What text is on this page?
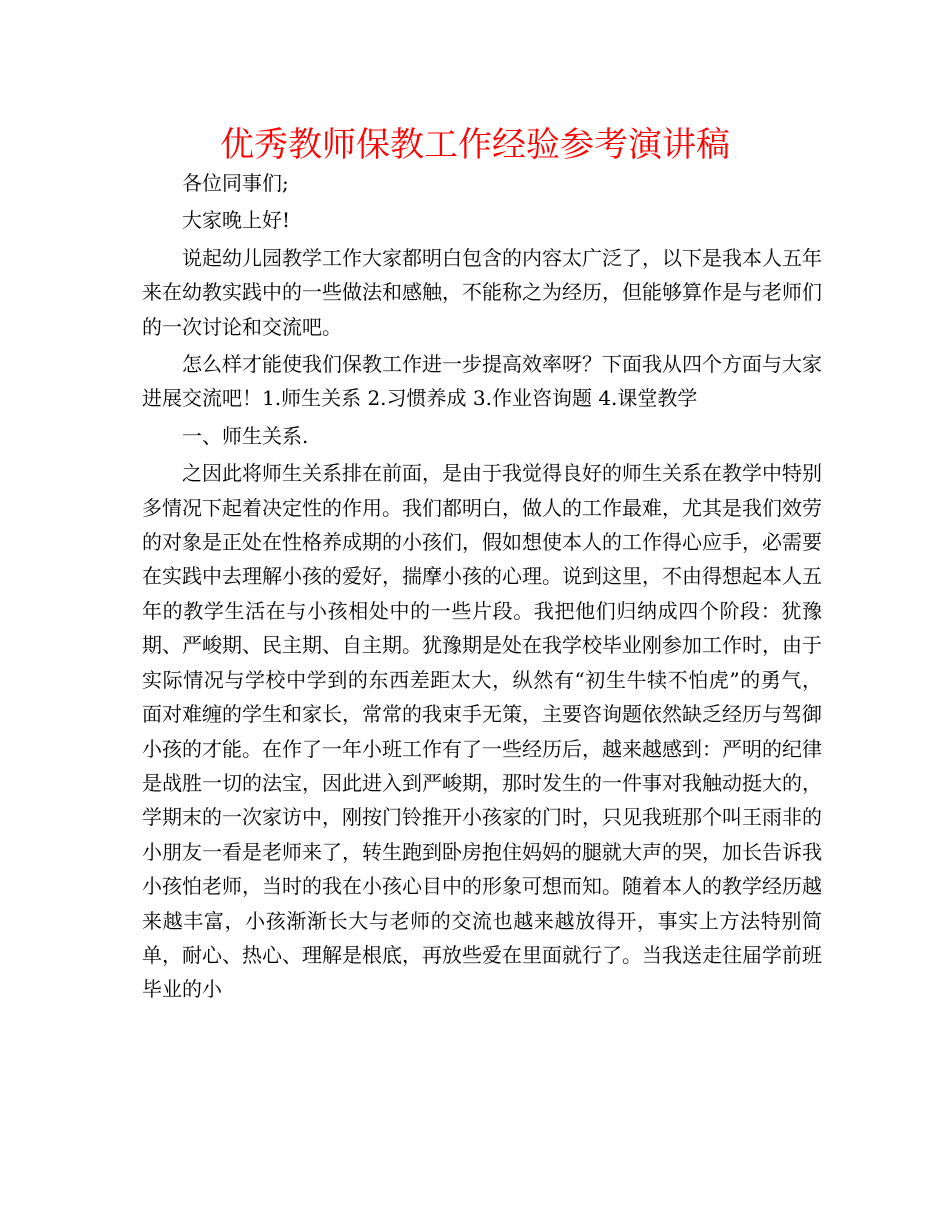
优秀教师保教工作经验参考演讲稿

各位同事们;

大家晚上好!

说起幼儿园教学工作大家都明白包含的内容太广泛了，以下是我本人五年来在幼教实践中的一些做法和感触，不能称之为经历，但能够算作是与老师们的一次讨论和交流吧。

怎么样才能使我们保教工作进一步提高效率呀？下面我从四个方面与大家进展交流吧！1.师生关系 2.习惯养成 3.作业咨询题 4.课堂教学

一、师生关系.

之因此将师生关系排在前面，是由于我觉得良好的师生关系在教学中特别多情况下起着决定性的作用。我们都明白，做人的工作最难，尤其是我们效劳的对象是正处在性格养成期的小孩们，假如想使本人的工作得心应手，必需要在实践中去理解小孩的爱好，揣摩小孩的心理。说到这里，不由得想起本人五年的教学生活在与小孩相处中的一些片段。我把他们归纳成四个阶段：犹豫期、严峻期、民主期、自主期。犹豫期是处在我学校毕业刚参加工作时，由于实际情况与学校中学到的东西差距太大，纵然有“初生牛犊不怕虎”的勇气，面对难缠的学生和家长，常常的我束手无策，主要咨询题依然缺乏经历与驾御小孩的才能。在作了一年小班工作有了一些经历后，越来越感到：严明的纪律是战胜一切的法宝，因此进入到严峻期，那时发生的一件事对我触动挺大的，学期末的一次家访中，刚按门铃推开小孩家的门时，只见我班那个叫王雨非的小朋友一看是老师来了，转生跑到卧房抱住妈妈的腿就大声的哭，加长告诉我小孩怕老师，当时的我在小孩心目中的形象可想而知。随着本人的教学经历越来越丰富，小孩渐渐长大与老师的交流也越来越放得开，事实上方法特别简单，耐心、热心、理解是根底，再放些爱在里面就行了。当我送走往届学前班毕业的小
